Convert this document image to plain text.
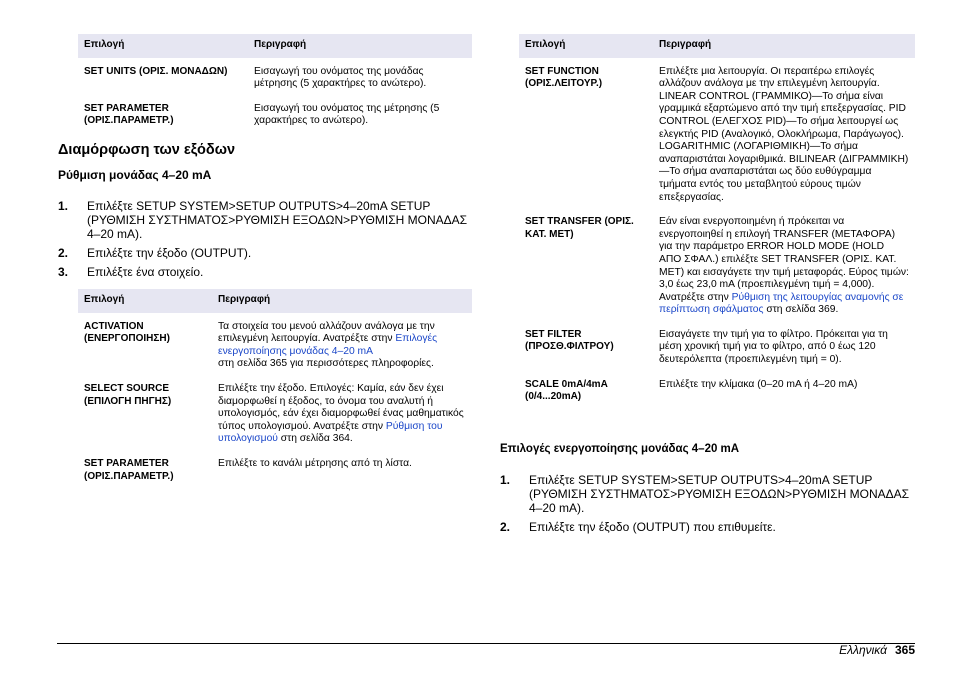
Επιλογή	Περιγραφή
SET UNITS (ΟΡΙΣ. ΜΟΝΑΔΩΝ)	Εισαγωγή του ονόματος της μονάδας μέτρησης (5 χαρακτήρες το ανώτερο).
SET PARAMETER (ΟΡΙΣ.ΠΑΡΑΜΕΤΡ.)	Εισαγωγή του ονόματος της μέτρησης (5 χαρακτήρες το ανώτερο).
Διαμόρφωση των εξόδων
Ρύθμιση μονάδας 4–20 mA
1. Επιλέξτε SETUP SYSTEM>SETUP OUTPUTS>4–20mA SETUP (ΡΥΘΜΙΣΗ ΣΥΣΤΗΜΑΤΟΣ>ΡΥΘΜΙΣΗ ΕΞΟΔΩΝ>ΡΥΘΜΙΣΗ ΜΟΝΑΔΑΣ 4–20 mA).
2. Επιλέξτε την έξοδο (OUTPUT).
3. Επιλέξτε ένα στοιχείο.
Επιλογή	Περιγραφή
ACTIVATION (ΕΝΕΡΓΟΠΟΙΗΣΗ)	Τα στοιχεία του μενού αλλάζουν ανάλογα με την επιλεγμένη λειτουργία. Ανατρέξτε στην Επιλογές ενεργοποίησης μονάδας 4–20 mA
στη σελίδα 365 για περισσότερες πληροφορίες.
SELECT SOURCE (ΕΠΙΛΟΓΗ ΠΗΓΗΣ)	Επιλέξτε την έξοδο. Επιλογές: Καμία, εάν δεν έχει διαμορφωθεί η έξοδος, το όνομα του αναλυτή ή υπολογισμός, εάν έχει διαμορφωθεί ένας μαθηματικός τύπος υπολογισμού. Ανατρέξτε στην Ρύθμιση του υπολογισμού στη σελίδα 364.
SET PARAMETER (ΟΡΙΣ.ΠΑΡΑΜΕΤΡ.)	Επιλέξτε το κανάλι μέτρησης από τη λίστα.
Επιλογή	Περιγραφή
SET FUNCTION (ΟΡΙΣ.ΛΕΙΤΟΥΡ.)	Επιλέξτε μια λειτουργία. Οι περαιτέρω επιλογές αλλάζουν ανάλογα με την επιλεγμένη λειτουργία. LINEAR CONTROL (ΓΡΑΜΜΙΚΟ)—Το σήμα είναι γραμμικά εξαρτώμενο από την τιμή επεξεργασίας. PID CONTROL (ΕΛΕΓΧΟΣ PID)—Το σήμα λειτουργεί ως ελεγκτής PID (Αναλογικό, Ολοκλήρωμα, Παράγωγος). LOGARITHMIC (ΛΟΓΑΡΙΘΜΙΚΗ)—Το σήμα αναπαριστάται λογαριθμικά. BILINEAR (ΔΙΓΡΑΜΜΙΚΗ)—Το σήμα αναπαριστάται ως δύο ευθύγραμμα τμήματα εντός του μεταβλητού εύρους τιμών επεξεργασίας.
SET TRANSFER (ΟΡΙΣ. ΚΑΤ. ΜΕΤ)	Εάν είναι ενεργοποιημένη ή πρόκειται να ενεργοποιηθεί η επιλογή TRANSFER (ΜΕΤΑΦΟΡΑ) για την παράμετρο ERROR HOLD MODE (HOLD ΑΠΟ ΣΦΑΛ.) επιλέξτε SET TRANSFER (ΟΡΙΣ. ΚΑΤ. ΜΕΤ) και εισαγάγετε την τιμή μεταφοράς. Εύρος τιμών: 3,0 έως 23,0 mA (προεπιλεγμένη τιμή = 4,000). Ανατρέξτε στην Ρύθμιση της λειτουργίας αναμονής σε περίπτωση σφάλματος στη σελίδα 369.
SET FILTER (ΠΡΟΣΘ.ΦΙΛΤΡΟΥ)	Εισαγάγετε την τιμή για το φίλτρο. Πρόκειται για τη μέση χρονική τιμή για το φίλτρο, από 0 έως 120 δευτερόλεπτα (προεπιλεγμένη τιμή = 0).
SCALE 0mA/4mA (0/4...20mA)	Επιλέξτε την κλίμακα (0–20 mA ή 4–20 mA)
Επιλογές ενεργοποίησης μονάδας 4–20 mA
1. Επιλέξτε SETUP SYSTEM>SETUP OUTPUTS>4–20mA SETUP (ΡΥΘΜΙΣΗ ΣΥΣΤΗΜΑΤΟΣ>ΡΥΘΜΙΣΗ ΕΞΟΔΩΝ>ΡΥΘΜΙΣΗ ΜΟΝΑΔΑΣ 4–20 mA).
2. Επιλέξτε την έξοδο (OUTPUT) που επιθυμείτε.
Ελληνικά 365
